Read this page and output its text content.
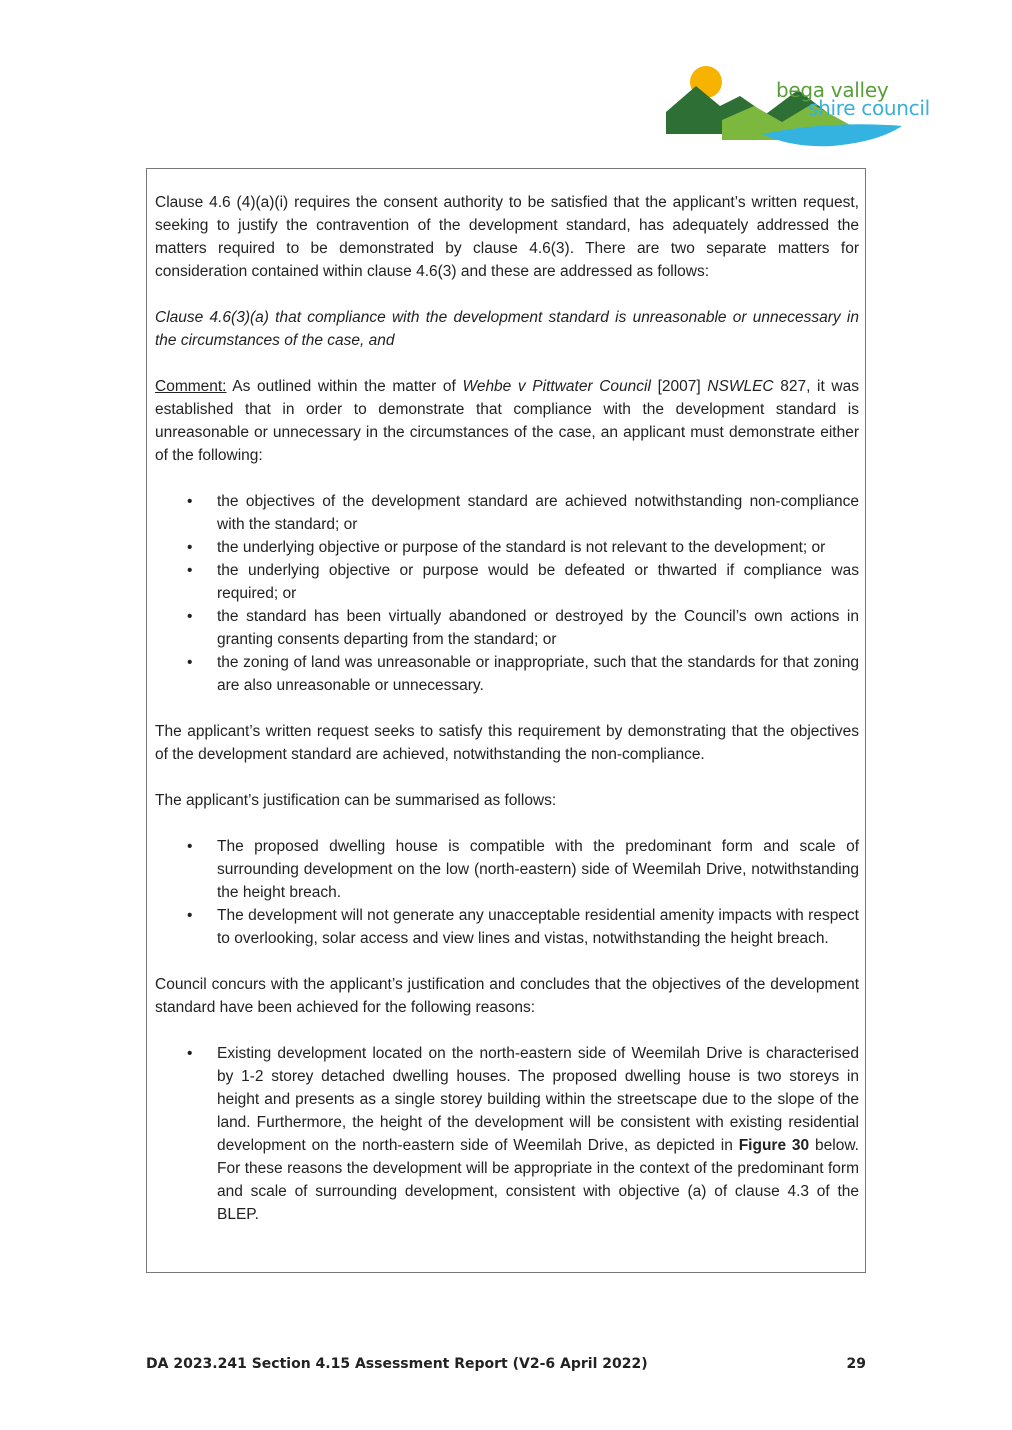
bega valley
shire council

Clause 4.6 (4)(a)(i) requires the consent authority to be satisfied that the applicant’s written request, seeking to justify the contravention of the development standard, has adequately addressed the matters required to be demonstrated by clause 4.6(3). There are two separate matters for consideration contained within clause 4.6(3) and these are addressed as follows:

Clause 4.6(3)(a) that compliance with the development standard is unreasonable or unnecessary in the circumstances of the case, and

Comment: As outlined within the matter of Wehbe v Pittwater Council [2007] NSWLEC 827, it was established that in order to demonstrate that compliance with the development standard is unreasonable or unnecessary in the circumstances of the case, an applicant must demonstrate either of the following:

• the objectives of the development standard are achieved notwithstanding non-compliance with the standard; or
• the underlying objective or purpose of the standard is not relevant to the development; or
• the underlying objective or purpose would be defeated or thwarted if compliance was required; or
• the standard has been virtually abandoned or destroyed by the Council’s own actions in granting consents departing from the standard; or
• the zoning of land was unreasonable or inappropriate, such that the standards for that zoning are also unreasonable or unnecessary.

The applicant’s written request seeks to satisfy this requirement by demonstrating that the objectives of the development standard are achieved, notwithstanding the non-compliance.

The applicant’s justification can be summarised as follows:

• The proposed dwelling house is compatible with the predominant form and scale of surrounding development on the low (north-eastern) side of Weemilah Drive, notwithstanding the height breach.
• The development will not generate any unacceptable residential amenity impacts with respect to overlooking, solar access and view lines and vistas, notwithstanding the height breach.

Council concurs with the applicant’s justification and concludes that the objectives of the development standard have been achieved for the following reasons:

• Existing development located on the north-eastern side of Weemilah Drive is characterised by 1-2 storey detached dwelling houses. The proposed dwelling house is two storeys in height and presents as a single storey building within the streetscape due to the slope of the land. Furthermore, the height of the development will be consistent with existing residential development on the north-eastern side of Weemilah Drive, as depicted in Figure 30 below. For these reasons the development will be appropriate in the context of the predominant form and scale of surrounding development, consistent with objective (a) of clause 4.3 of the BLEP.
DA 2023.241 Section 4.15 Assessment Report (V2-6 April 2022)	29
